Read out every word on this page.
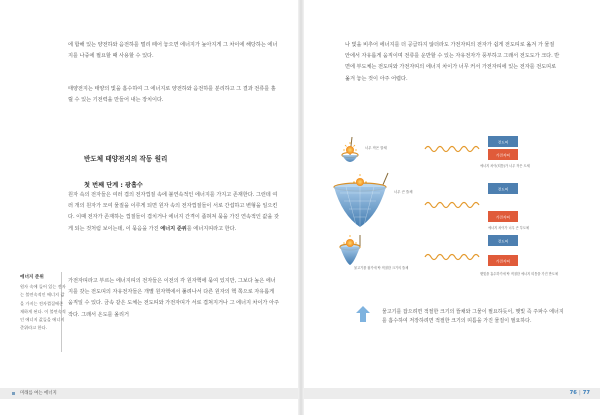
에 합해 있는 양전하와 음전하를 멀리 떼어 놓으면 에너지가 높아지게 그 차이에 해당하는 에너지를 나중에 필요할 때 사용할 수 있다.
태양전지는 태양의 빛을 흡수하여 그 에너지로 양전하와 음전하를 분리하고 그 결과 전류를 흘릴 수 있는 기전력을 만들어 내는 장치이다.
반도체 태양전지의 작동 원리
첫 번째 단계 : 광흡수
원자 속의 전자들은 여러 겹의 전자껍질 속에 불연속적인 에너지를 가지고 존재한다. 그런데 여러 개의 원자가 모여 물질을 이루게 되면 원자 속의 전자껍질들이 서로 간섭하고 변형을 일으킨다. 이때 전자가 존재하는 껍질들이 겹치거나 에너지 간격이 좁혀져 묶을 가진 연속적인 값을 갖게 되는 것처럼 보이는데, 이 묶음을 가진 에너지 준위를 에너지띠라고 한다.
가전자띠라고 부르는 에너지띠의 전자들은 이전의 각 원자핵에 묶여 있지만, 그보다 높은 에너지를 갖는 전도띠의 자유전자들은 개별 원자핵에서 풀려나서 다른 원자의 핵 쪽으로 자유롭게 움직일 수 있다. 금속 같은 도체는 전도띠와 가전자띠가 서로 겹쳐지거나 그 에너지 차이가 아주 작다. 그래서 온도를 올리거
에너지 준위
원자 속에 들어 있는 전자는 불연속적인 에너지 값을 가지는 전자껍질에존재하게 된다. 이 불연속적인 에너지 값들을 에너지 준위라고 한다.
나 빛을 비추어 에너지를 더 공급하지 않더라도 가전자띠의 전자가 쉽게 전도띠로 옮겨 가 물질 안에서 자유롭게 움직이며 전류를 운반할 수 있는 자유전자가 풍부하고 그래서 전도도가 크다. 반면에 부도체는 전도띠와 가전자띠의 에너지 차이가 너무 커서 가전자띠에 있는 전자를 전도띠로 옮겨 놓는 것이 아주 어렵다.
너무 작은 뜰채
전도띠
가전자띠
에너지 차이(띠틈)가 너무 작은 도체
너무 큰 뜰채
전도띠
가전자띠
에너지 차이가 너무 큰 부도체
물고기를 잡기에 딱 적절한 크기의 뜰채
전도띠
가전자띠
햇빛을 흡수하기에 딱 적절한 에너지 띠틈을 가진 반도체
물고기를 잡으려면 적절한 크기의 뜰채와 그물이 필요하듯이, 햇빛 즉 주파수 에너지를 흡수하여 저장하려면 적절한 크기의 띠틈을 가진 물질이 필요하다.
미래를 여는 에너지	76 | 77
